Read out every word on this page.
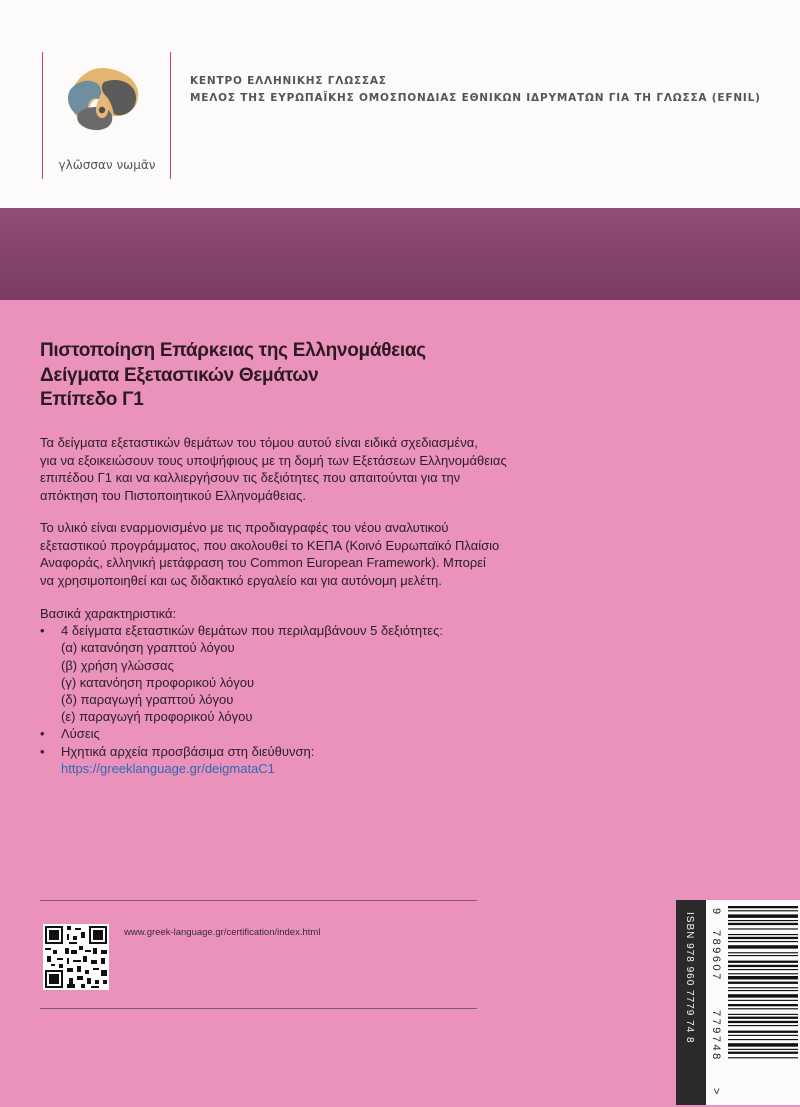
γλῶσσαν νωμᾶν
ΚΕΝΤΡΟ ΕΛΛΗΝΙΚΗΣ ΓΛΩΣΣΑΣ
ΜΕΛΟΣ ΤΗΣ ΕΥΡΩΠΑΪΚΗΣ ΟΜΟΣΠΟΝΔΙΑΣ ΕΘΝΙΚΩΝ ΙΔΡΥΜΑΤΩΝ ΓΙΑ ΤΗ ΓΛΩΣΣΑ (EFNIL)
Πιστοποίηση Επάρκειας της Ελληνομάθειας
Δείγματα Εξεταστικών Θεμάτων
Επίπεδο Γ1
Τα δείγματα εξεταστικών θεμάτων του τόμου αυτού είναι ειδικά σχεδιασμένα,
για να εξοικειώσουν τους υποψήφιους με τη δομή των Εξετάσεων Ελληνομάθειας
επιπέδου Γ1 και να καλλιεργήσουν τις δεξιότητες που απαιτούνται για την
απόκτηση του Πιστοποιητικού Ελληνομάθειας.
Το υλικό είναι εναρμονισμένο με τις προδιαγραφές του νέου αναλυτικού
εξεταστικού προγράμματος, που ακολουθεί το ΚΕΠΑ (Κοινό Ευρωπαϊκό Πλαίσιο
Αναφοράς, ελληνική μετάφραση του Common European Framework). Μπορεί
να χρησιμοποιηθεί και ως διδακτικό εργαλείο και για αυτόνομη μελέτη.
Βασικά χαρακτηριστικά:
• 4 δείγματα εξεταστικών θεμάτων που περιλαμβάνουν 5 δεξιότητες:
(α) κατανόηση γραπτού λόγου
(β) χρήση γλώσσας
(γ) κατανόηση προφορικού λόγου
(δ) παραγωγή γραπτού λόγου
(ε) παραγωγή προφορικού λόγου
• Λύσεις
• Ηχητικά αρχεία προσβάσιμα στη διεύθυνση:
https://greeklanguage.gr/deigmataC1
www.greek-language.gr/certification/index.html	ISBN 978 960 7779 74 8
9
789607
779748
>
